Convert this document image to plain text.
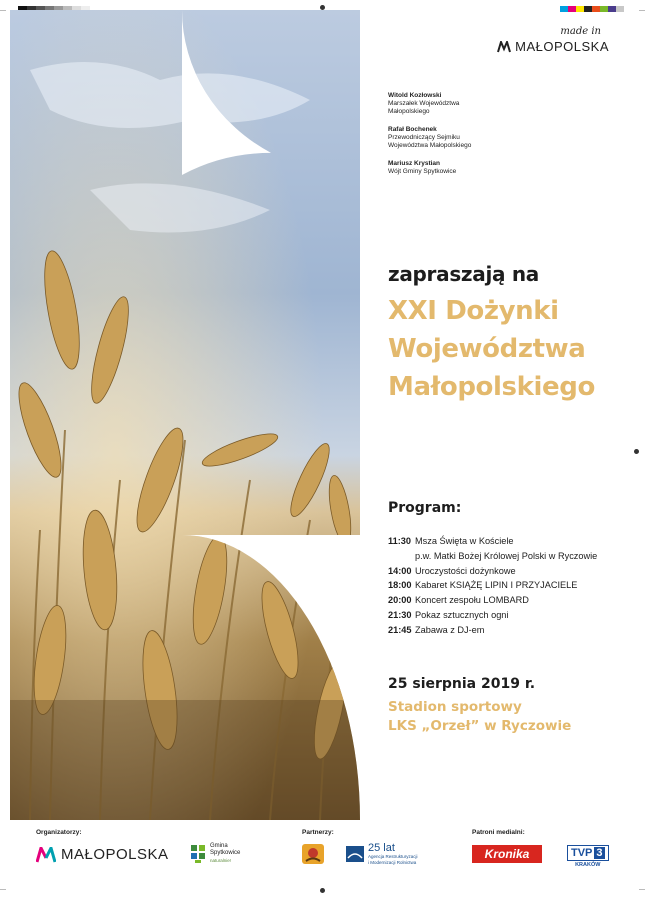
made in
MAŁOPOLSKA
Witold Kozłowski
Marszałek Województwa
Małopolskiego
Rafał Bochenek
Przewodniczący Sejmiku
Województwa Małopolskiego
Mariusz Krystian
Wójt Gminy Spytkowice
zapraszają na
XXI Dożynki
Województwa
Małopolskiego
Program:
11:30 Msza Święta w Kościele
p.w. Matki Bożej Królowej Polski w Ryczowie
14:00 Uroczystości dożynkowe
18:00 Kabaret KSIĄŻĘ LIPIN I PRZYJACIELE
20:00 Koncert zespołu LOMBARD
21:30 Pokaz sztucznych ogni
21:45 Zabawa z DJ-em
25 sierpnia 2019 r.
Stadion sportowy
LKS „Orzeł” w Ryczowie
Organizatorzy:	Partnerzy:	Patroni medialni:
MAŁOPOLSKA	Gmina
Spytkowice
naturalnie!
25 lat
Agencja Restrukturyzacji
i Modernizacji Rolnictwa
Kronika	TVP 3
KRAKÓW
